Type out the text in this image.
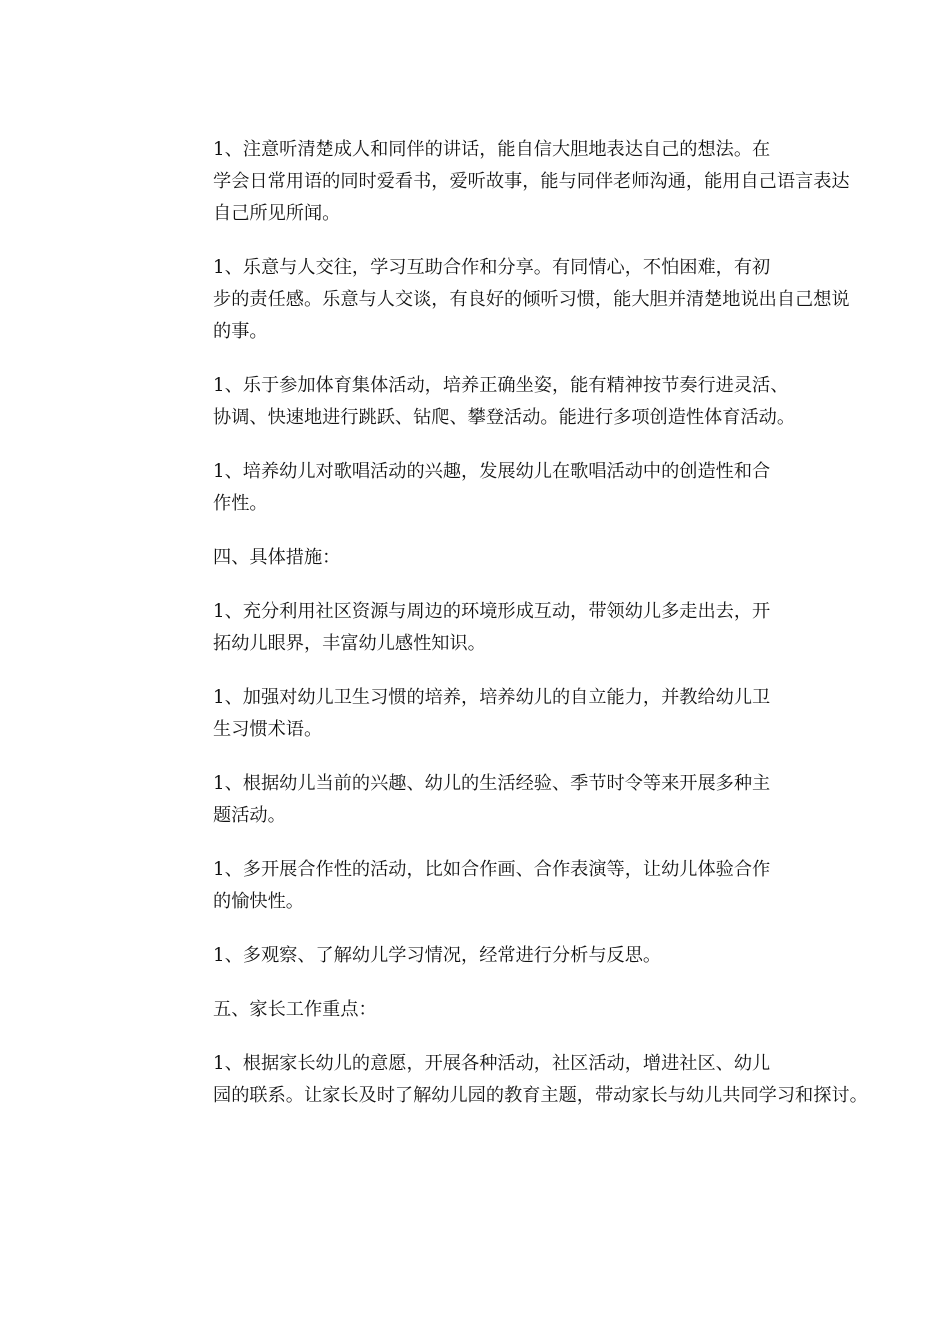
1、注意听清楚成人和同伴的讲话，能自信大胆地表达自己的想法。在
学会日常用语的同时爱看书，爱听故事，能与同伴老师沟通，能用自己语言表达
自己所见所闻。

1、乐意与人交往，学习互助合作和分享。有同情心，不怕困难，有初
步的责任感。乐意与人交谈，有良好的倾听习惯，能大胆并清楚地说出自己想说
的事。

1、乐于参加体育集体活动，培养正确坐姿，能有精神按节奏行进灵活、
协调、快速地进行跳跃、钻爬、攀登活动。能进行多项创造性体育活动。

1、培养幼儿对歌唱活动的兴趣，发展幼儿在歌唱活动中的创造性和合
作性。

四、具体措施：

1、充分利用社区资源与周边的环境形成互动，带领幼儿多走出去，开
拓幼儿眼界，丰富幼儿感性知识。

1、加强对幼儿卫生习惯的培养，培养幼儿的自立能力，并教给幼儿卫
生习惯术语。

1、根据幼儿当前的兴趣、幼儿的生活经验、季节时令等来开展多种主
题活动。

1、多开展合作性的活动，比如合作画、合作表演等，让幼儿体验合作
的愉快性。

1、多观察、了解幼儿学习情况，经常进行分析与反思。

五、家长工作重点：

1、根据家长幼儿的意愿，开展各种活动，社区活动，增进社区、幼儿
园的联系。让家长及时了解幼儿园的教育主题，带动家长与幼儿共同学习和探讨。
